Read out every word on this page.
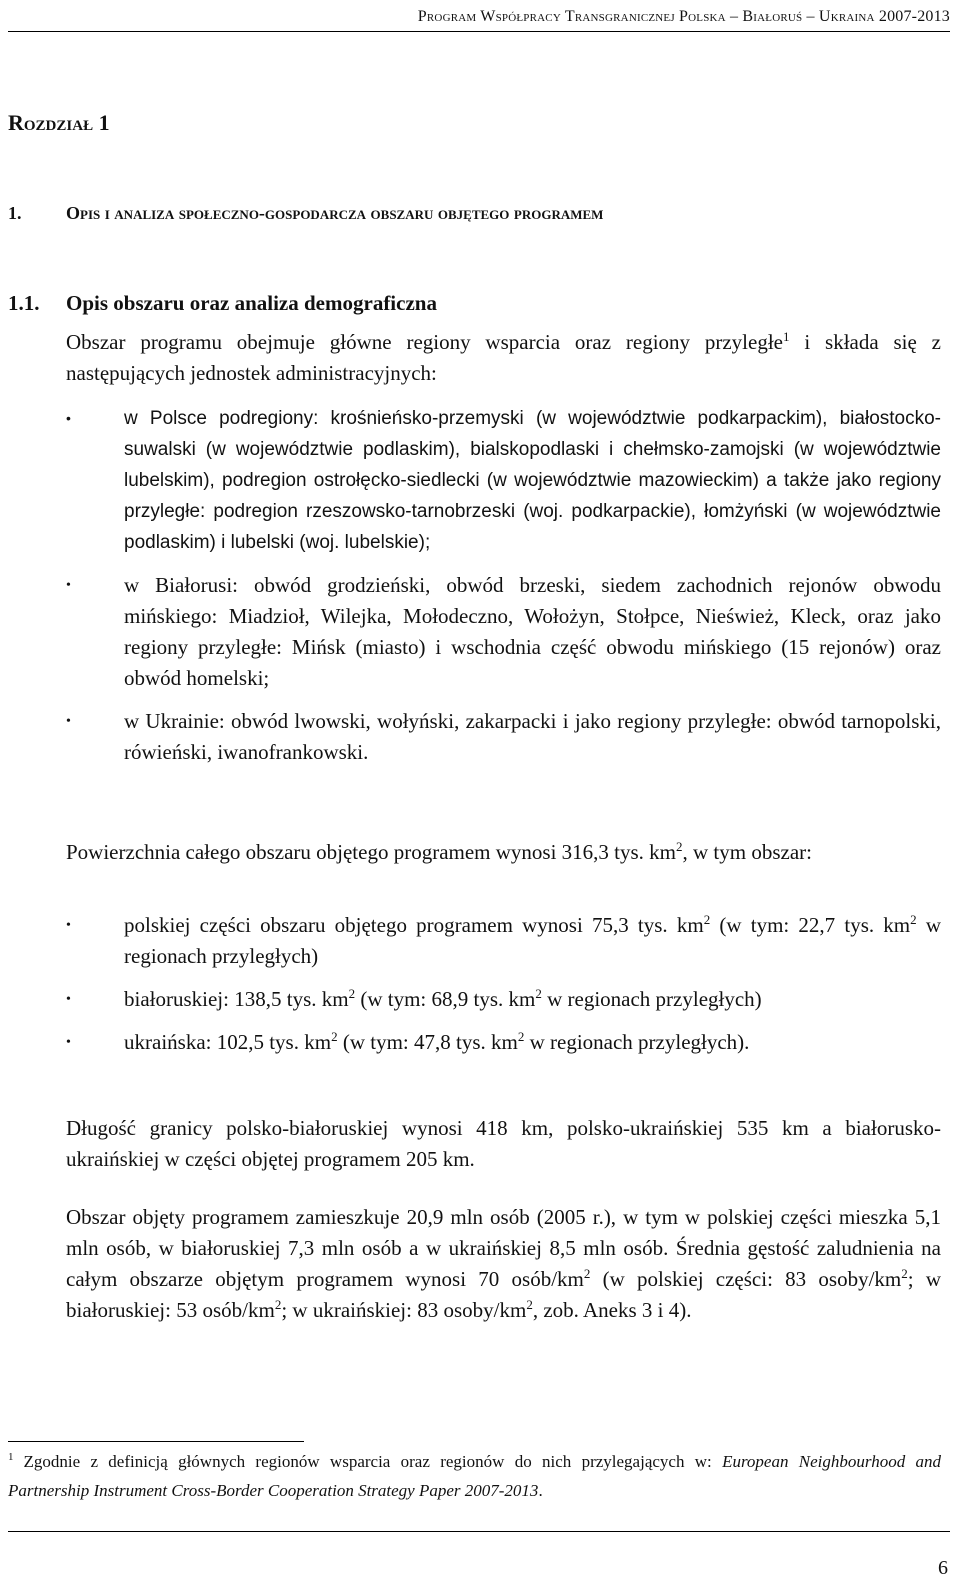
Program Współpracy Transgranicznej Polska – Białoruś – Ukraina 2007-2013
Rozdział 1
1. Opis i analiza społeczno-gospodarcza obszaru objętego programem
1.1. Opis obszaru oraz analiza demograficzna
Obszar programu obejmuje główne regiony wsparcia oraz regiony przyległe$^1$ i składa się z następujących jednostek administracyjnych:
• w Polsce podregiony: krośnieńsko-przemyski (w województwie podkarpackim), białostocko-suwalski (w województwie podlaskim), bialskopodlaski i chełmsko-zamojski (w województwie lubelskim), podregion ostrołęcko-siedlecki (w województwie mazowieckim) a także jako regiony przyległe: podregion rzeszowsko-tarnobrzeski (woj. podkarpackie), łomżyński (w województwie podlaskim) i lubelski (woj. lubelskie);
• w Białorusi: obwód grodzieński, obwód brzeski, siedem zachodnich rejonów obwodu mińskiego: Miadzioł, Wilejka, Mołodeczno, Wołożyn, Stołpce, Nieśwież, Kleck, oraz jako regiony przyległe: Mińsk (miasto) i wschodnia część obwodu mińskiego (15 rejonów) oraz obwód homelski;
• w Ukrainie: obwód lwowski, wołyński, zakarpacki i jako regiony przyległe: obwód tarnopolski, rówieński, iwanofrankowski.
Powierzchnia całego obszaru objętego programem wynosi 316,3 tys. $km^2$, w tym obszar:
• polskiej części obszaru objętego programem wynosi 75,3 tys. $km^2$ (w tym: 22,7 tys. $km^2$ w regionach przyległych)
• białoruskiej: 138,5 tys. $km^2$ (w tym: 68,9 tys. $km^2$ w regionach przyległych)
• ukraińska: 102,5 tys. $km^2$ (w tym: 47,8 tys. $km^2$ w regionach przyległych).
Długość granicy polsko-białoruskiej wynosi 418 km, polsko-ukraińskiej 535 km a białorusko-ukraińskiej w części objętej programem 205 km.
Obszar objęty programem zamieszkuje 20,9 mln osób (2005 r.), w tym w polskiej części mieszka 5,1 mln osób, w białoruskiej 7,3 mln osób a w ukraińskiej 8,5 mln osób. Średnia gęstość zaludnienia na całym obszarze objętym programem wynosi 70 osób/$km^2$ (w polskiej części: 83 osoby/$km^2$; w białoruskiej: 53 osób/$km^2$; w ukraińskiej: 83 osoby/$km^2$, zob. Aneks 3 i 4).
$^1$ Zgodnie z definicją głównych regionów wsparcia oraz regionów do nich przylegających w: European Neighbourhood and Partnership Instrument Cross-Border Cooperation Strategy Paper 2007-2013.
6
